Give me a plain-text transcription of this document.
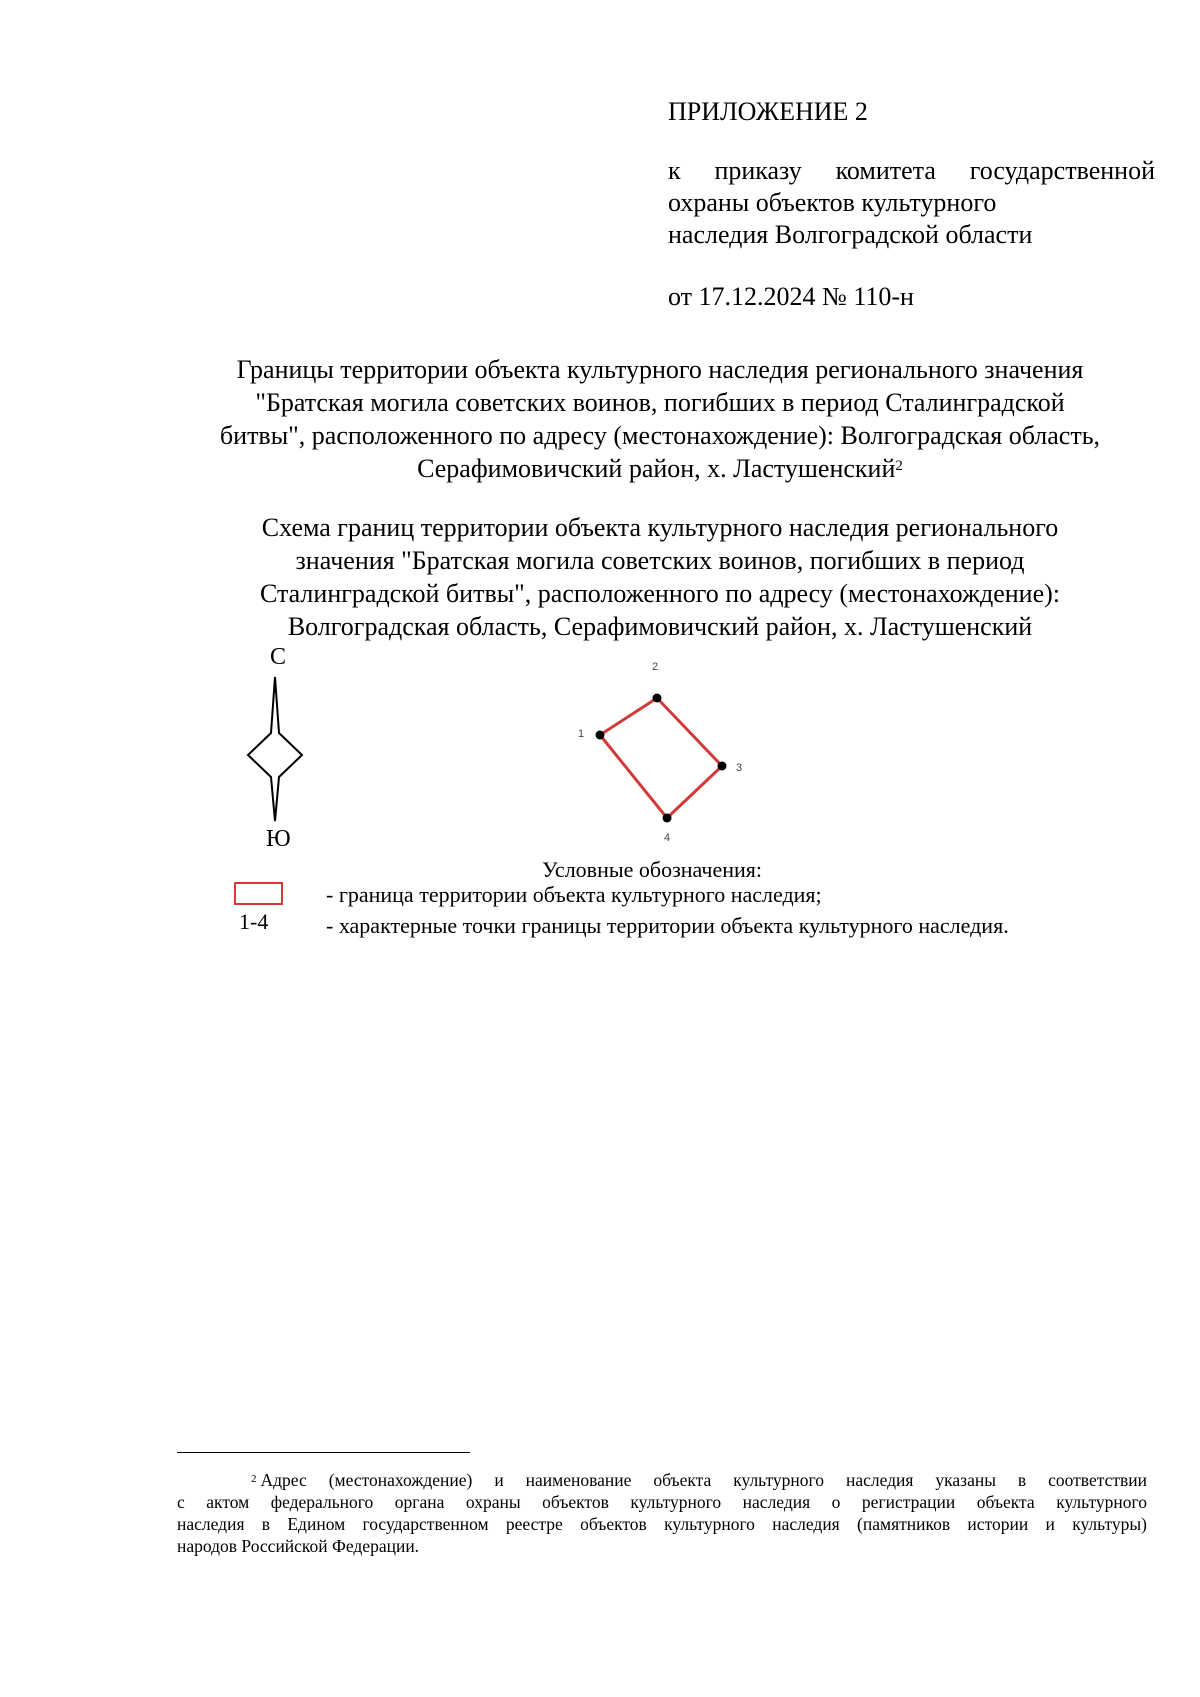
ПРИЛОЖЕНИЕ 2
к приказу комитета государственной
охраны объектов культурного
наследия Волгоградской области
от 17.12.2024 № 110-н
Границы территории объекта культурного наследия регионального значения
"Братская могила советских воинов, погибших в период Сталинградской
битвы", расположенного по адресу (местонахождение): Волгоградская область,
Серафимовичский район, х. Ластушенский$^2$
Схема границ территории объекта культурного наследия регионального
значения "Братская могила советских воинов, погибших в период
Сталинградской битвы", расположенного по адресу (местонахождение):
Волгоградская область, Серафимовичский район, х. Ластушенский
С
Ю
1
2
3
4
Условные обозначения:
1-4
- граница территории объекта культурного наследия;
- характерные точки границы территории объекта культурного наследия.
$^2$ Адрес (местонахождение) и наименование объекта культурного наследия указаны в соответствии
с актом федерального органа охраны объектов культурного наследия о регистрации объекта культурного
наследия в Едином государственном реестре объектов культурного наследия (памятников истории и культуры)
народов Российской Федерации.
